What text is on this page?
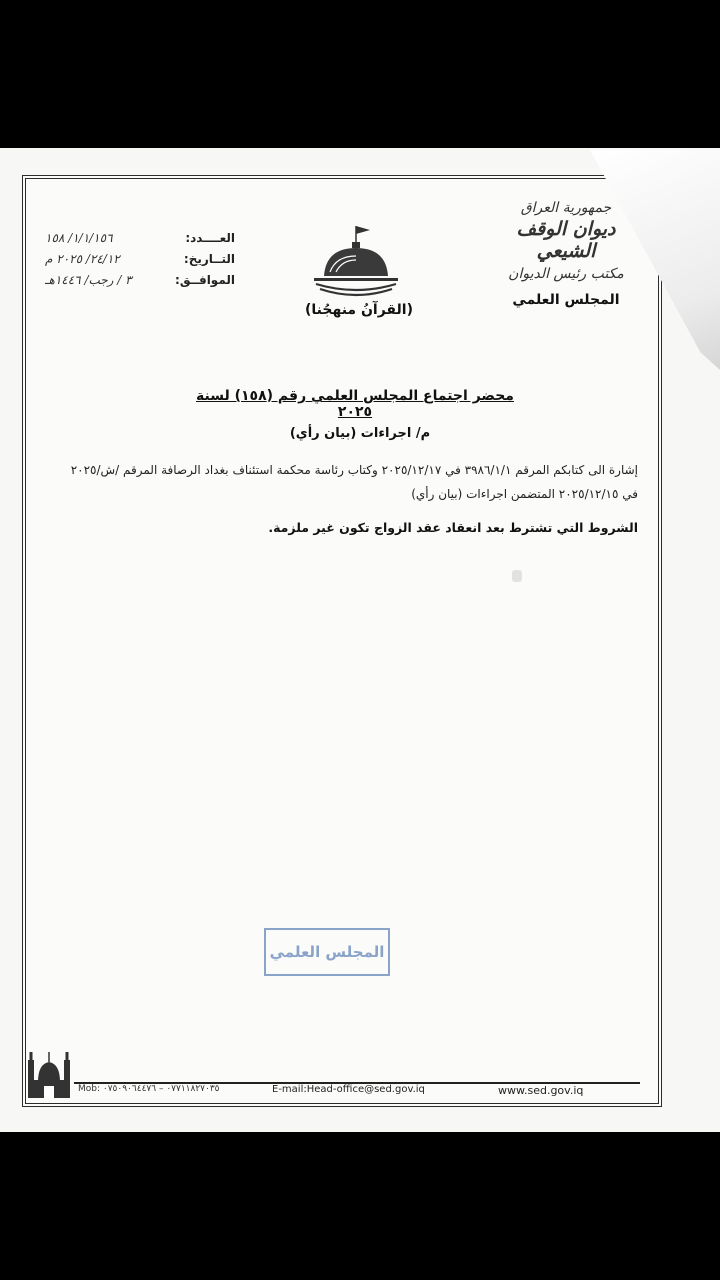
١/١/١٥٦/ ١٥٨	العــــدد:
٢٤/١٢/ ٢٠٢٥ م	التــاريخ:
٣ / رجب/ ١٤٤٦هـ	الموافــق:
(القرآنُ منهجُنا)
جمهورية العراق
ديوان الوقف الشيعي
مكتب رئيس الديوان
المجلس العلمي
محضر اجتماع المجلس العلمي رقم (١٥٨) لسنة ٢٠٢٥
م/ اجراءات (بيان رأي)
إشارة الى كتابكم المرقم ٣٩٨٦/١/١ في ٢٠٢٥/١٢/١٧ وكتاب رئاسة محكمة استئناف بغداد الرصافة المرقم /ش/٢٠٢٥ في ٢٠٢٥/١٢/١٥ المتضمن اجراءات (بيان رأي)
الشروط التي تشترط بعد انعقاد عقد الزواج تكون غير ملزمة.
المجلس العلمي
Mob: ٠٧٧١١٨٢٧٠٣٥ – ٠٧٥٠٩٠٦٤٤٧٦	E-mail:Head-office@sed.gov.iq	www.sed.gov.iq
